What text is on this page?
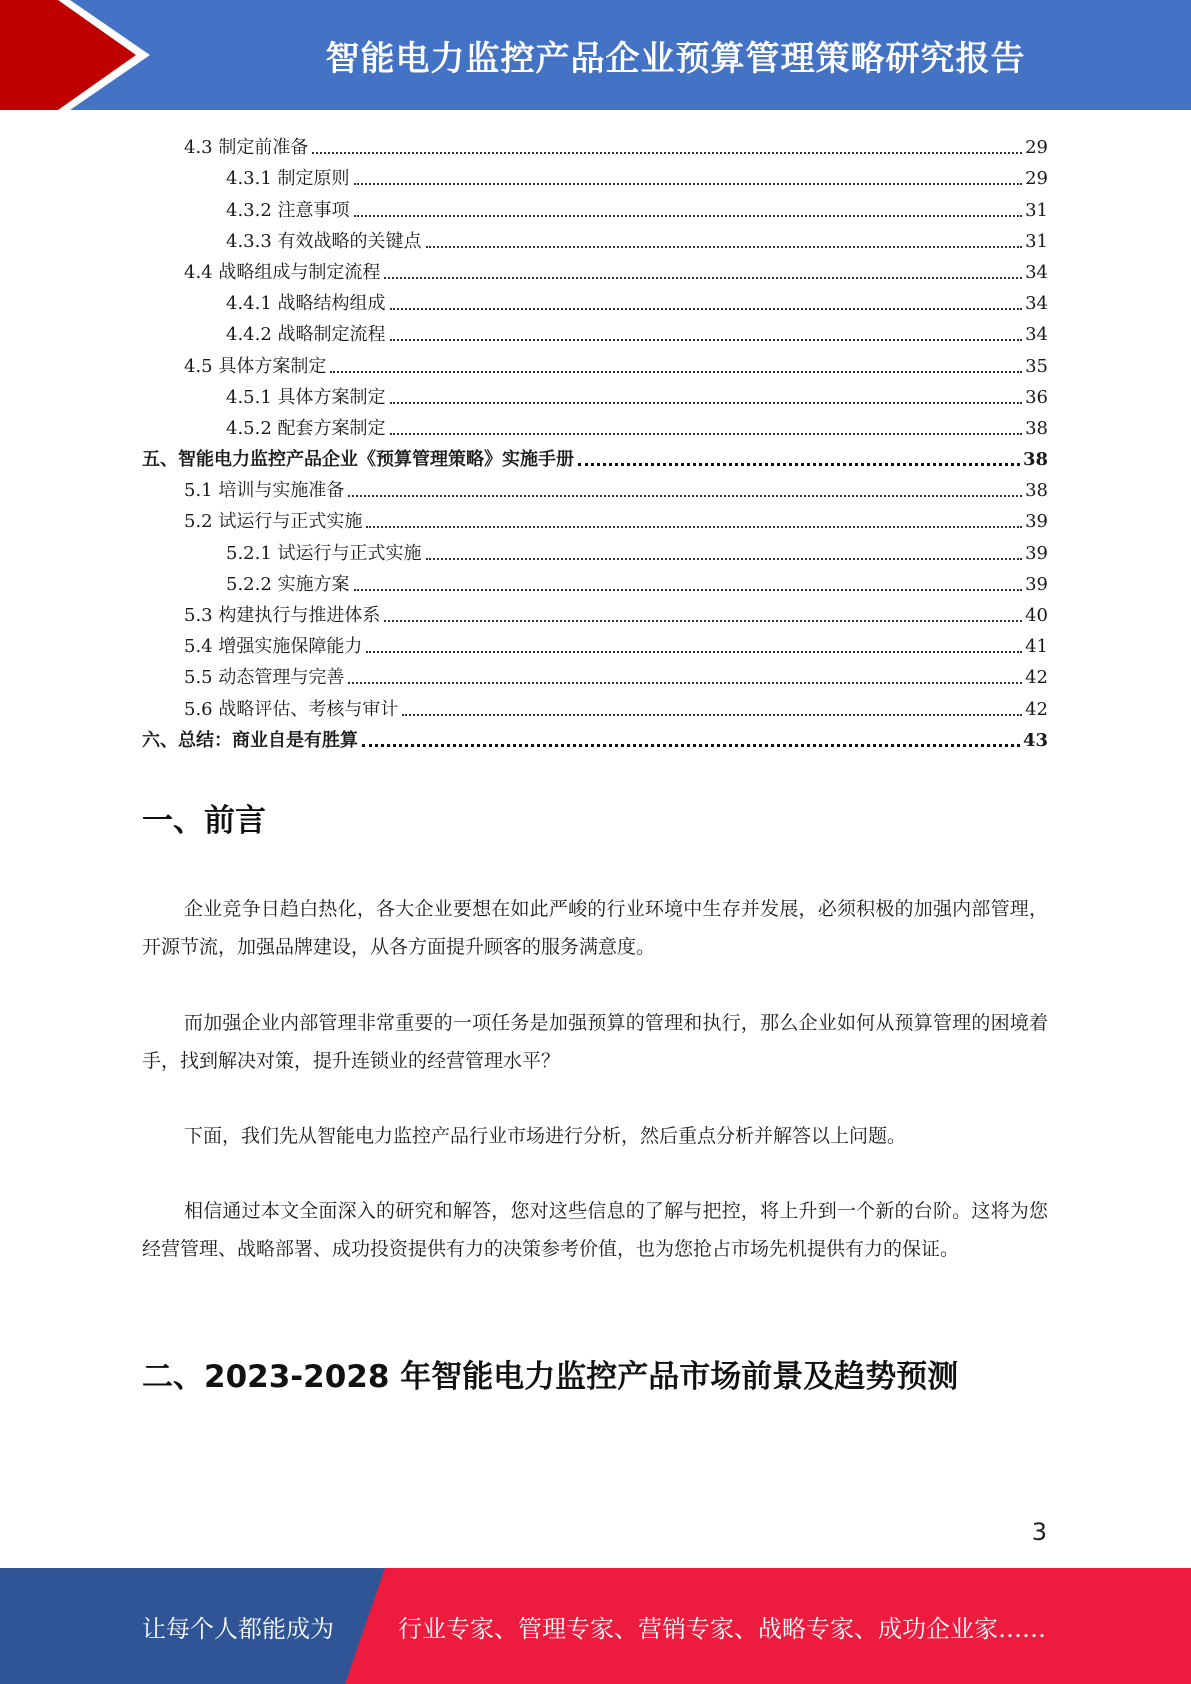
智能电力监控产品企业预算管理策略研究报告
4.3 制定前准备	29
4.3.1 制定原则	29
4.3.2 注意事项	31
4.3.3 有效战略的关键点	31
4.4 战略组成与制定流程	34
4.4.1 战略结构组成	34
4.4.2 战略制定流程	34
4.5 具体方案制定	35
4.5.1 具体方案制定	36
4.5.2 配套方案制定	38
五、智能电力监控产品企业《预算管理策略》实施手册	38
5.1 培训与实施准备	38
5.2 试运行与正式实施	39
5.2.1 试运行与正式实施	39
5.2.2 实施方案	39
5.3 构建执行与推进体系	40
5.4 增强实施保障能力	41
5.5 动态管理与完善	42
5.6 战略评估、考核与审计	42
六、总结：商业自是有胜算	43
一、前言

企业竞争日趋白热化，各大企业要想在如此严峻的行业环境中生存并发展，必须积极的加强内部管理，开源节流，加强品牌建设，从各方面提升顾客的服务满意度。

而加强企业内部管理非常重要的一项任务是加强预算的管理和执行，那么企业如何从预算管理的困境着手，找到解决对策，提升连锁业的经营管理水平？

下面，我们先从智能电力监控产品行业市场进行分析，然后重点分析并解答以上问题。

相信通过本文全面深入的研究和解答，您对这些信息的了解与把控，将上升到一个新的台阶。这将为您经营管理、战略部署、成功投资提供有力的决策参考价值，也为您抢占市场先机提供有力的保证。

二、2023-2028 年智能电力监控产品市场前景及趋势预测
3
让每个人都能成为	行业专家、管理专家、营销专家、战略专家、成功企业家……
